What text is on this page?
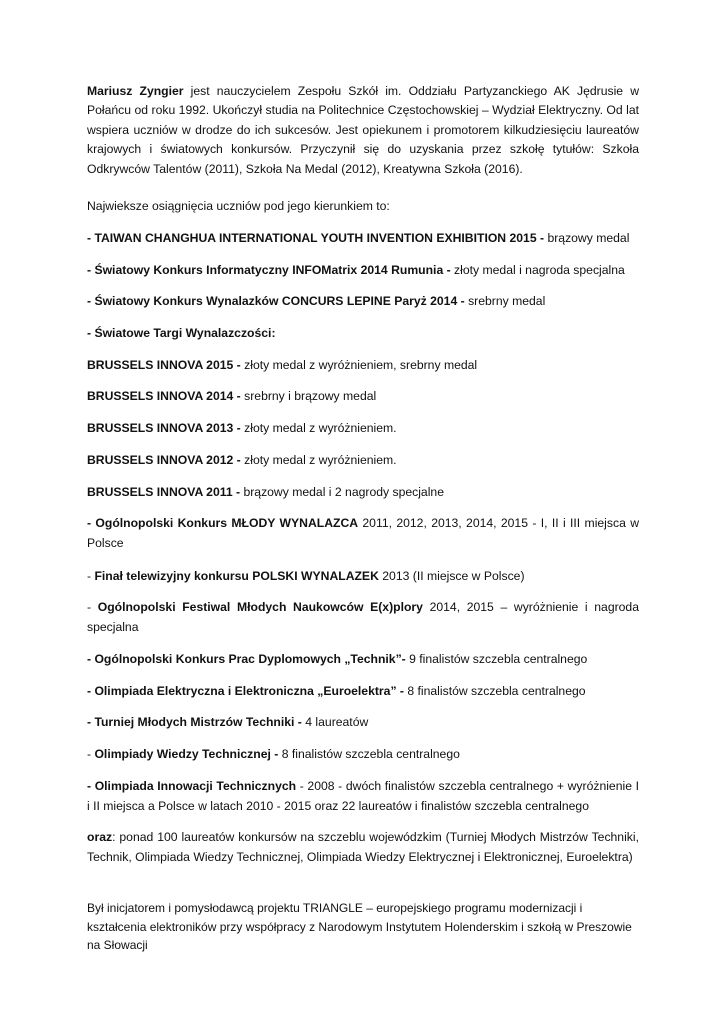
Mariusz Zyngier jest nauczycielem Zespołu Szkół im. Oddziału Partyzanckiego AK Jędrusie w Połańcu od roku 1992. Ukończył studia na Politechnice Częstochowskiej – Wydział Elektryczny. Od lat wspiera uczniów w drodze do ich sukcesów. Jest opiekunem i promotorem kilkudziesięciu laureatów krajowych i światowych konkursów. Przyczynił się do uzyskania przez szkołę tytułów: Szkoła Odkrywców Talentów (2011), Szkoła Na Medal (2012), Kreatywna Szkoła (2016).

Najwieksze osiągnięcia uczniów pod jego kierunkiem to:

- TAIWAN CHANGHUA INTERNATIONAL YOUTH INVENTION EXHIBITION 2015 - brązowy medal

- Światowy Konkurs Informatyczny INFOMatrix 2014 Rumunia - złoty medal i nagroda specjalna

- Światowy Konkurs Wynalazków CONCURS LEPINE Paryż 2014 - srebrny medal

- Światowe Targi Wynalazczości:

BRUSSELS INNOVA 2015 - złoty medal z wyróżnieniem, srebrny medal

BRUSSELS INNOVA 2014 - srebrny i brązowy medal

BRUSSELS INNOVA 2013 - złoty medal z wyróżnieniem.

BRUSSELS INNOVA 2012 - złoty medal z wyróżnieniem.

BRUSSELS INNOVA 2011 - brązowy medal i 2 nagrody specjalne

- Ogólnopolski Konkurs MŁODY WYNALAZCA 2011, 2012, 2013, 2014, 2015 - I, II i III miejsca w Polsce

- Finał telewizyjny konkursu POLSKI WYNALAZEK 2013 (II miejsce w Polsce)

- Ogólnopolski Festiwal Młodych Naukowców E(x)plory 2014, 2015 – wyróżnienie i nagroda specjalna

- Ogólnopolski Konkurs Prac Dyplomowych „Technik”- 9 finalistów szczebla centralnego

- Olimpiada Elektryczna i Elektroniczna „Euroelektra” - 8 finalistów szczebla centralnego

- Turniej Młodych Mistrzów Techniki - 4 laureatów

- Olimpiady Wiedzy Technicznej - 8 finalistów szczebla centralnego

- Olimpiada Innowacji Technicznych - 2008 - dwóch finalistów szczebla centralnego + wyróżnienie I i II miejsca a Polsce w latach 2010 - 2015 oraz 22 laureatów i finalistów szczebla centralnego

oraz: ponad 100 laureatów konkursów na szczeblu wojewódzkim (Turniej Młodych Mistrzów Techniki, Technik, Olimpiada Wiedzy Technicznej, Olimpiada Wiedzy Elektrycznej i Elektronicznej, Euroelektra)

Był inicjatorem i pomysłodawcą projektu TRIANGLE – europejskiego programu modernizacji i kształcenia elektroników przy współpracy z Narodowym Instytutem Holenderskim i szkołą w Preszowie na Słowacji
